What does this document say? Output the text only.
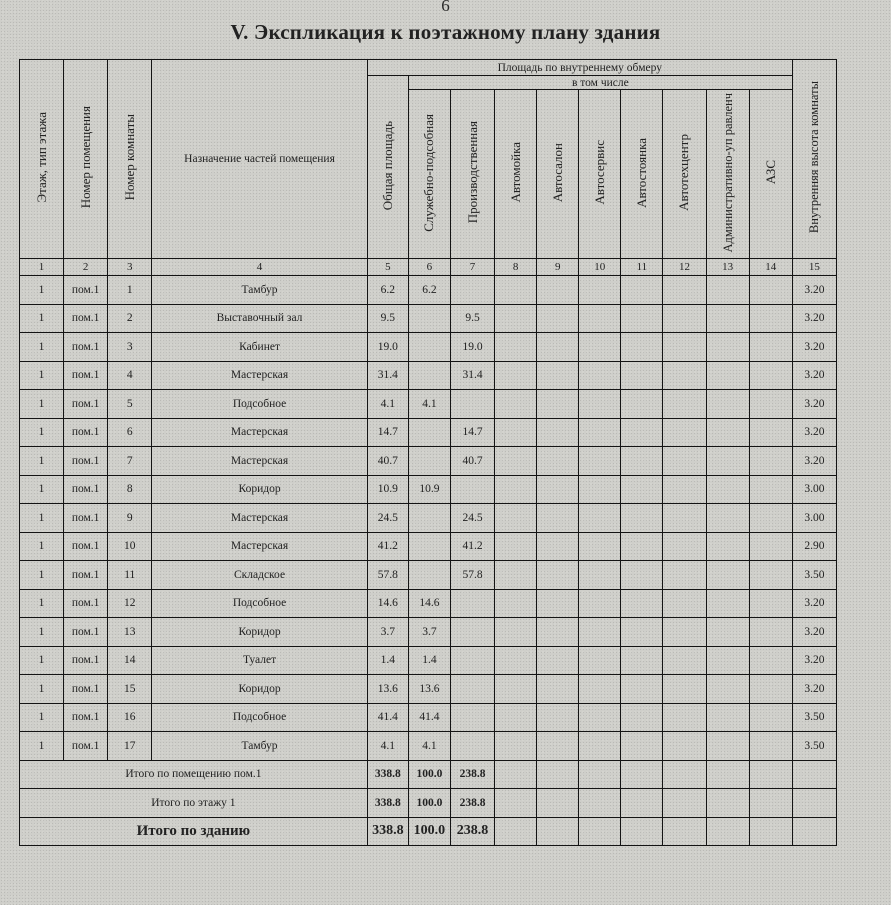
6
V. Экспликация к поэтажному плану здания
Этаж, тип этажа	Номер помещения	Номер комнаты	Назначение частей помещения	Площадь по внутреннему обмеру										Внутренняя высота комнаты
				Общая площадь	в том числе									
					Служебно-подсобная	Производственная	Автомойка	Автосалон	Автосервис	Автостоянка	Автотехцентр	Административно-уп равленч	АЗС	
1	2	3	4	5	6	7	8	9	10	11	12	13	14	15
1	пом.1	1	Тамбур	6.2	6.2									3.20
1	пом.1	2	Выставочный зал	9.5		9.5								3.20
1	пом.1	3	Кабинет	19.0		19.0								3.20
1	пом.1	4	Мастерская	31.4		31.4								3.20
1	пом.1	5	Подсобное	4.1	4.1									3.20
1	пом.1	6	Мастерская	14.7		14.7								3.20
1	пом.1	7	Мастерская	40.7		40.7								3.20
1	пом.1	8	Коридор	10.9	10.9									3.00
1	пом.1	9	Мастерская	24.5		24.5								3.00
1	пом.1	10	Мастерская	41.2		41.2								2.90
1	пом.1	11	Складское	57.8		57.8								3.50
1	пом.1	12	Подсобное	14.6	14.6									3.20
1	пом.1	13	Коридор	3.7	3.7									3.20
1	пом.1	14	Туалет	1.4	1.4									3.20
1	пом.1	15	Коридор	13.6	13.6									3.20
1	пом.1	16	Подсобное	41.4	41.4									3.50
1	пом.1	17	Тамбур	4.1	4.1									3.50
Итого по помещению пом.1				338.8	100.0	238.8								
Итого по этажу 1				338.8	100.0	238.8								
Итого по зданию				338.8	100.0	238.8								
